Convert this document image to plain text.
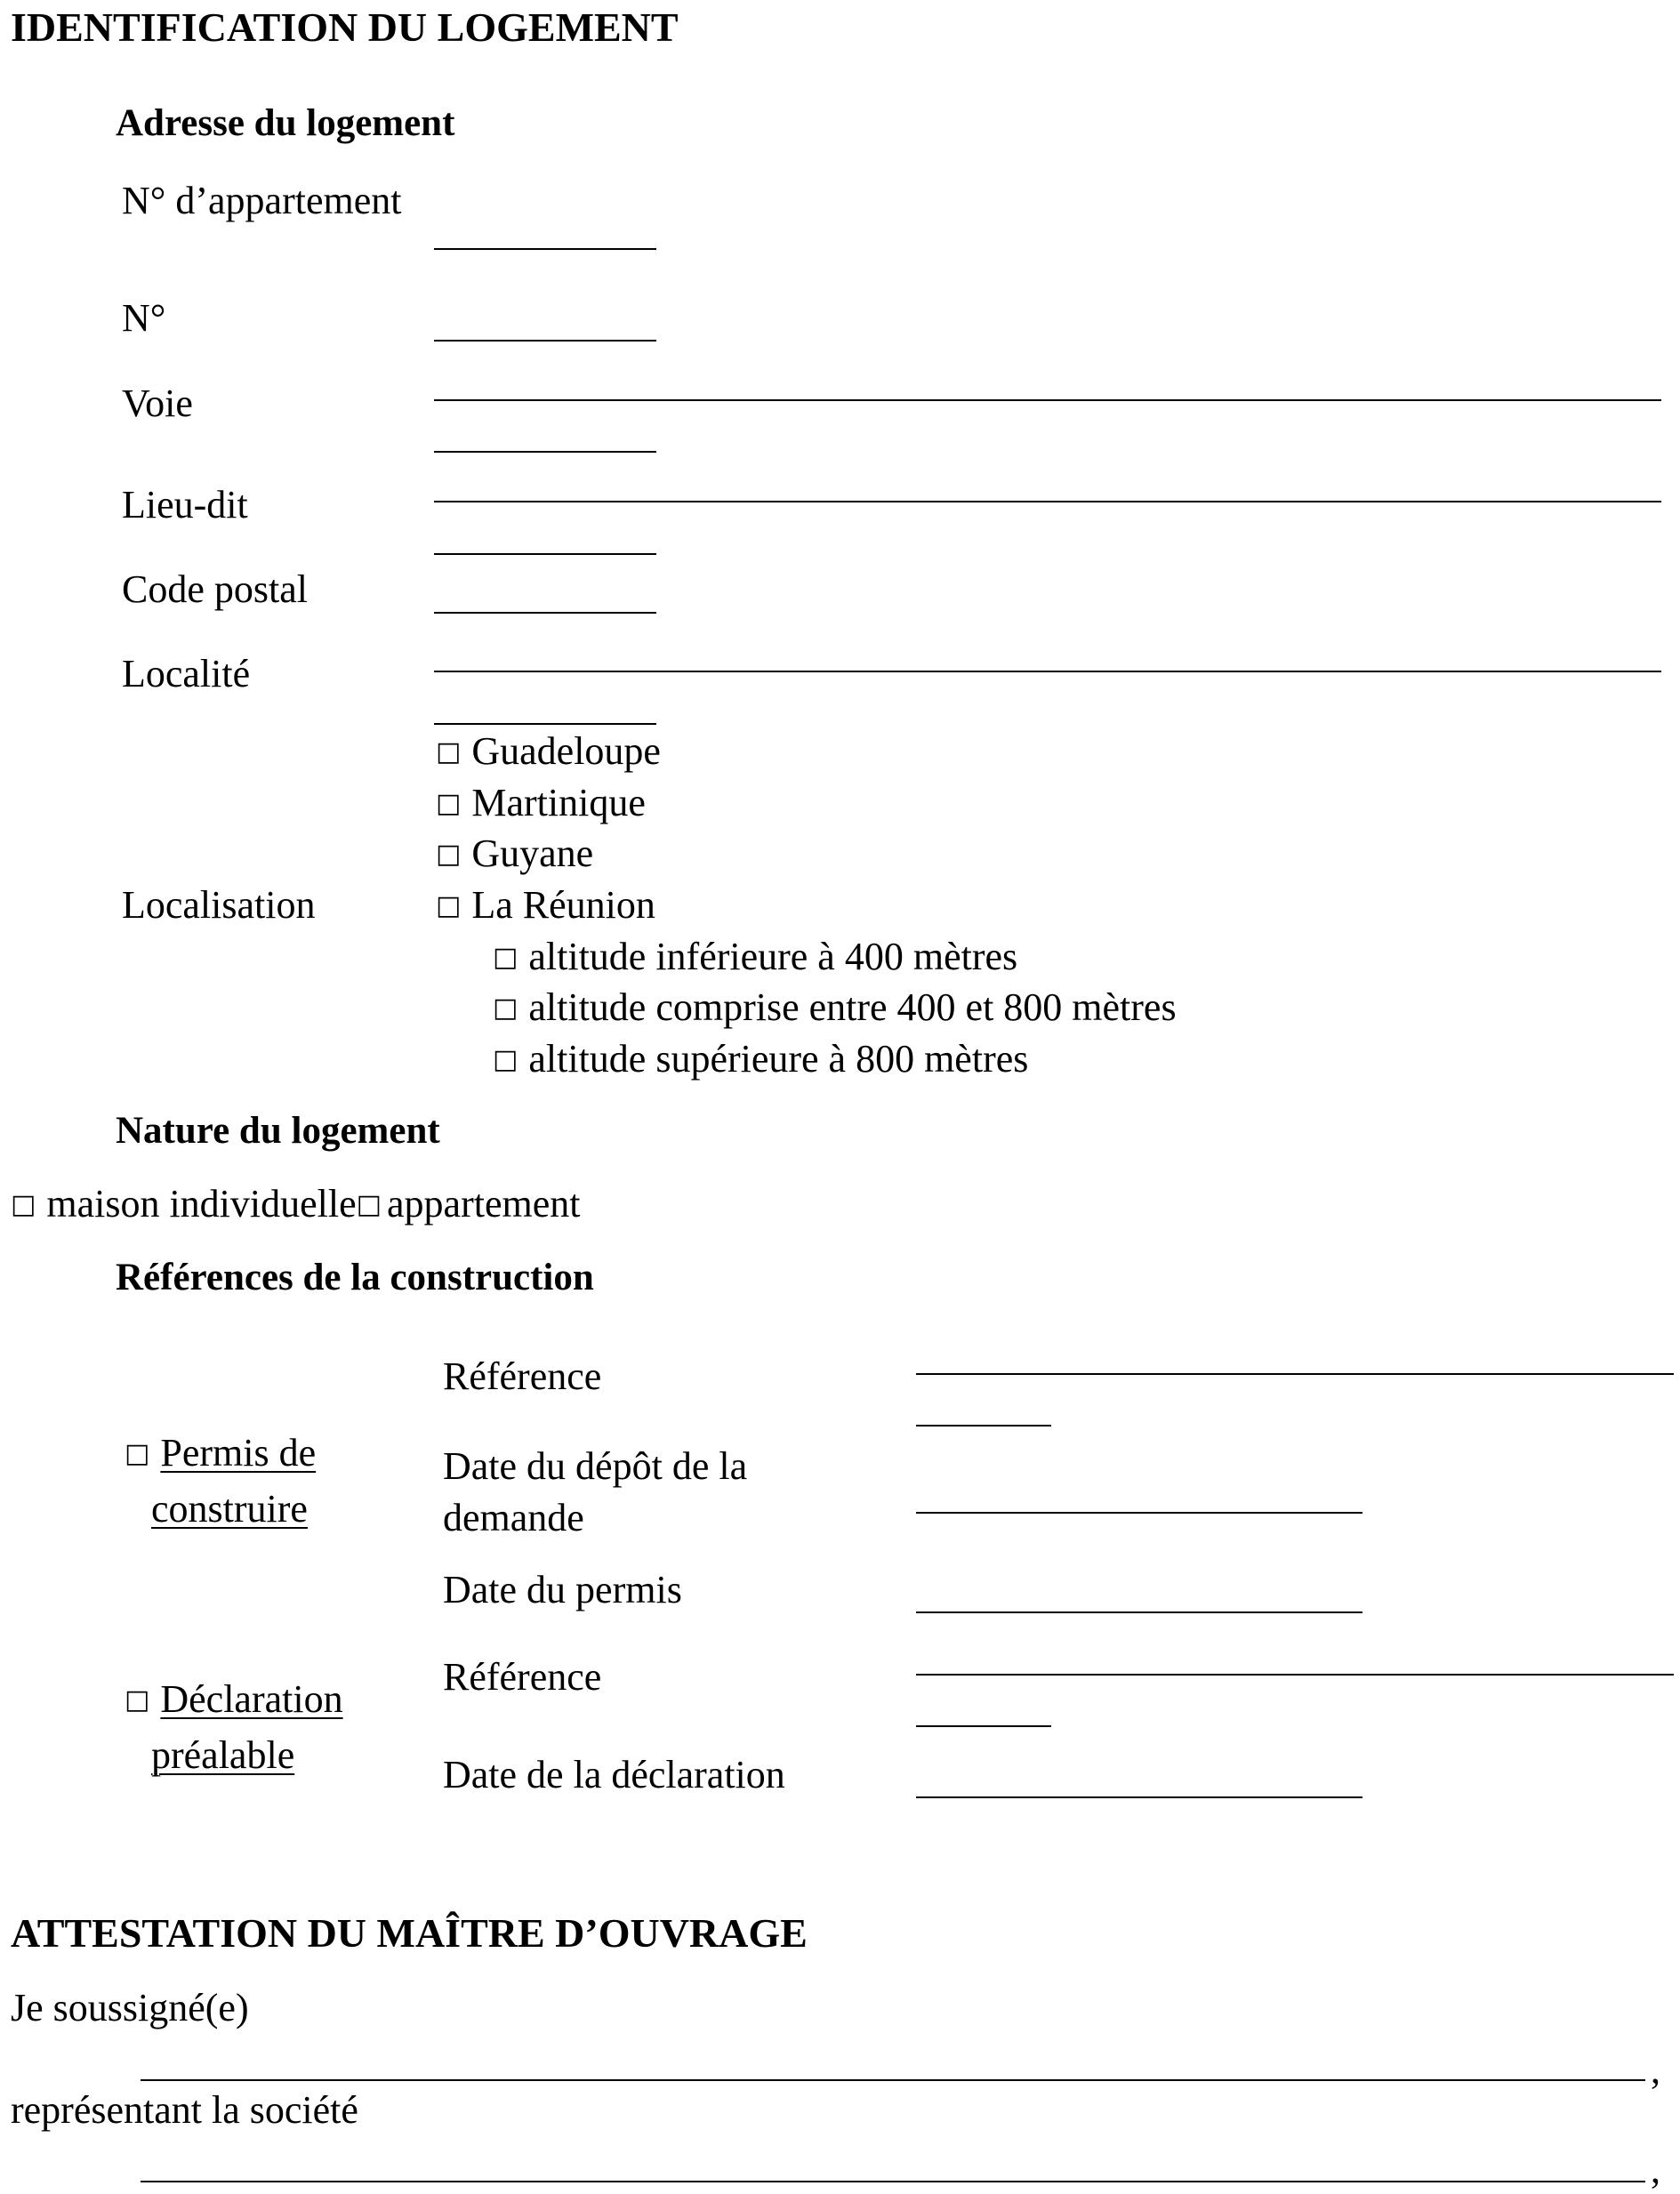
IDENTIFICATION DU LOGEMENT
Adresse du logement
N° d’appartement
N°
Voie
Lieu-dit
Code postal
Localité
Localisation
□ Guadeloupe
□ Martinique
□ Guyane
□ La Réunion
□ altitude inférieure à 400 mètres
□ altitude comprise entre 400 et 800 mètres
□ altitude supérieure à 800 mètres
Nature du logement
□ maison individuelle□ appartement
Références de la construction
□ Permis de
construire
Référence
Date du dépôt de la
demande
Date du permis
□ Déclaration
préalable
Référence
Date de la déclaration
ATTESTATION DU MAÎTRE D’OUVRAGE
Je soussigné(e)
,
représentant la société
,
